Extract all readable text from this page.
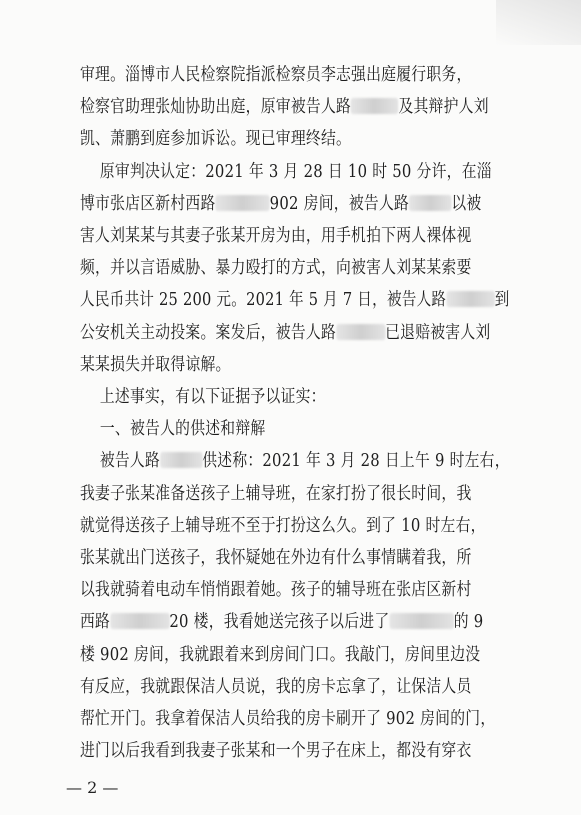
审理。淄博市人民检察院指派检察员李志强出庭履行职务，
检察官助理张灿协助出庭，原审被告人路	及其辩护人刘
凯、萧鹏到庭参加诉讼。现已审理终结。
原审判决认定：2021 年 3 月 28 日 10 时 50 分许，在淄
博市张店区新村西路	902 房间，被告人路 以被
害人刘某某与其妻子张某开房为由，用手机拍下两人裸体视
频，并以言语威胁、暴力殴打的方式，向被害人刘某某索要
人民币共计 25 200 元。2021 年 5 月 7 日，被告人路	到
公安机关主动投案。案发后，被告人路	已退赔被害人刘
某某损失并取得谅解。
上述事实，有以下证据予以证实：
一、被告人的供述和辩解
被告人路 供述称：2021 年 3 月 28 日上午 9 时左右，
我妻子张某准备送孩子上辅导班，在家打扮了很长时间，我
就觉得送孩子上辅导班不至于打扮这么久。到了 10 时左右，
张某就出门送孩子，我怀疑她在外边有什么事情瞒着我，所
以我就骑着电动车悄悄跟着她。孩子的辅导班在张店区新村
西路	20 楼，我看她送完孩子以后进了	的 9
楼 902 房间，我就跟着来到房间门口。我敲门，房间里边没
有反应，我就跟保洁人员说，我的房卡忘拿了，让保洁人员
帮忙开门。我拿着保洁人员给我的房卡刷开了 902 房间的门，
进门以后我看到我妻子张某和一个男子在床上，都没有穿衣
— 2 —
